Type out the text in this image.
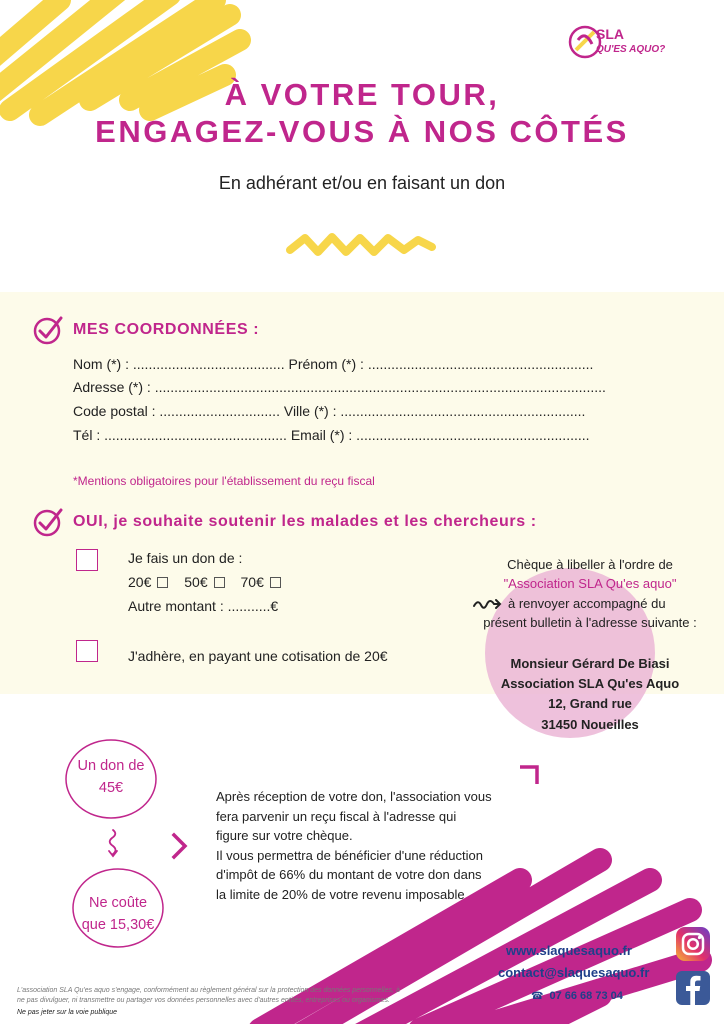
SLA
QU'ES AQUO?
À VOTRE TOUR,
ENGAGEZ-VOUS À NOS CÔTÉS
En adhérant et/ou en faisant un don
MES COORDONNÉES :
Nom (*) : ....................................... Prénom (*) : ..........................................................
Adresse (*) : ....................................................................................................................
Code postal : ............................... Ville (*) : ...............................................................
Tél : ............................................... Email (*) : ............................................................
*Mentions obligatoires pour l'établissement du reçu fiscal
OUI, je souhaite soutenir les malades et les chercheurs :
Je fais un don de :
20€ 50€ 70€
Autre montant : ...........€
J'adhère, en payant une cotisation de 20€
Chèque à libeller à l'ordre de
"Association SLA Qu'es aquo"
à renvoyer accompagné du
présent bulletin à l'adresse suivante :
Monsieur Gérard De Biasi
Association SLA Qu'es Aquo
12, Grand rue
31450 Noueilles
Un don de
45€
Ne coûte
que 15,30€
Après réception de votre don, l'association vous
fera parvenir un reçu fiscal à l'adresse qui
figure sur votre chèque.
Il vous permettra de bénéficier d'une réduction
d'impôt de 66% du montant de votre don dans
la limite de 20% de votre revenu imposable
www.slaquesaquo.fr
contact@slaquesaquo.fr
☎ 07 66 68 73 04
L'association SLA Qu'es aquo s'engage, conformément au règlement général sur la protection des données personnelles, à
ne pas divulguer, ni transmettre ou partager vos données personnelles avec d'autres entités, entreprises ou organismes.
Ne pas jeter sur la voie publique
